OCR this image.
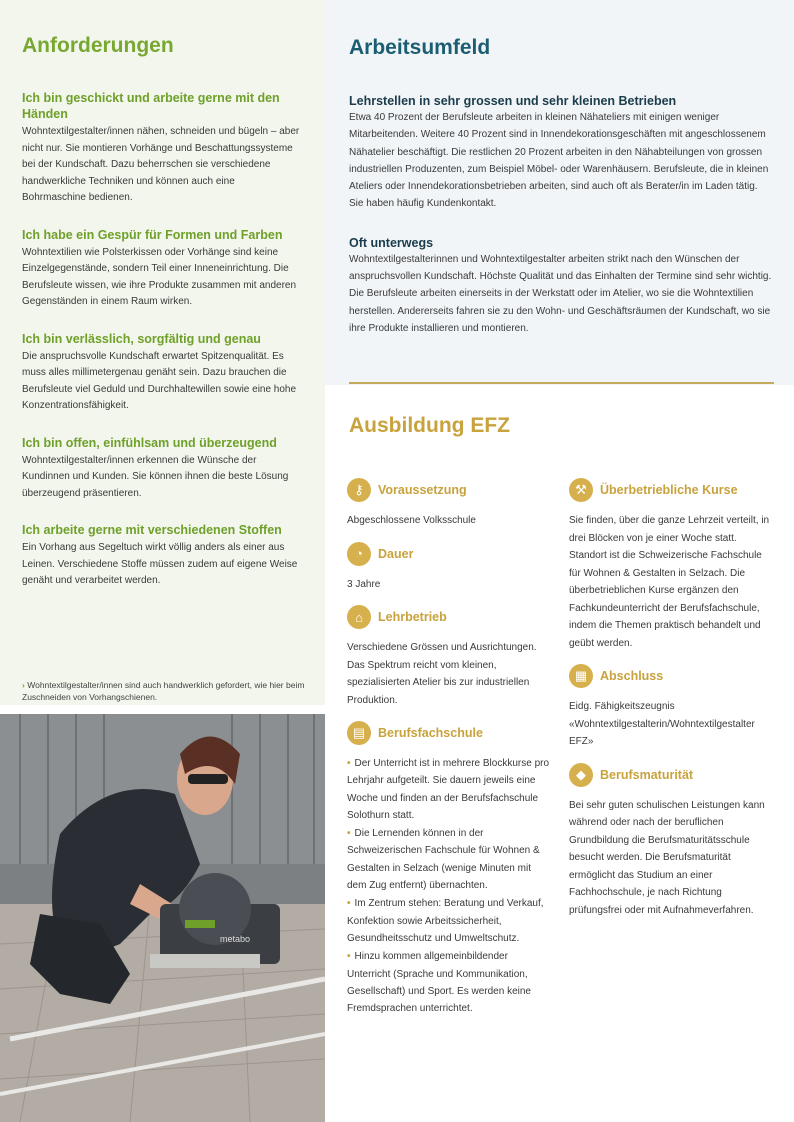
Anforderungen
Ich bin geschickt und arbeite gerne mit den Händen

Wohntextilgestalter/innen nähen, schneiden und bügeln – aber nicht nur. Sie montieren Vorhänge und Beschattungssysteme bei der Kundschaft. Dazu beherrschen sie verschiedene handwerkliche Techniken und können auch eine Bohrmaschine bedienen.

Ich habe ein Gespür für Formen und Farben

Wohntextilien wie Polsterkissen oder Vorhänge sind keine Einzelgegenstände, sondern Teil einer Inneneinrichtung. Die Berufsleute wissen, wie ihre Produkte zusammen mit anderen Gegenständen in einem Raum wirken.

Ich bin verlässlich, sorgfältig und genau

Die anspruchsvolle Kundschaft erwartet Spitzenqualität. Es muss alles millimetergenau genäht sein. Dazu brauchen die Berufsleute viel Geduld und Durchhaltewillen sowie eine hohe Konzentrationsfähigkeit.

Ich bin offen, einfühlsam und überzeugend

Wohntextilgestalter/innen erkennen die Wünsche der Kundinnen und Kunden. Sie können ihnen die beste Lösung überzeugend präsentieren.

Ich arbeite gerne mit verschiedenen Stoffen

Ein Vorhang aus Segeltuch wirkt völlig anders als einer aus Leinen. Verschiedene Stoffe müssen zudem auf eigene Weise genäht und verarbeitet werden.

› Wohntextilgestalter/innen sind auch handwerklich gefordert, wie hier beim Zuschneiden von Vorhangschienen.
metabo
Arbeitsumfeld
Lehrstellen in sehr grossen und sehr kleinen Betrieben

Etwa 40 Prozent der Berufsleute arbeiten in kleinen Nähateliers mit einigen weniger Mitarbeitenden. Weitere 40 Prozent sind in Innendekorationsgeschäften mit angeschlossenem Nähatelier beschäftigt. Die restlichen 20 Prozent arbeiten in den Nähabteilungen von grossen industriellen Produzenten, zum Beispiel Möbel- oder Warenhäusern. Berufsleute, die in kleinen Ateliers oder Innendekorationsbetrieben arbeiten, sind auch oft als Berater/in im Laden tätig. Sie haben häufig Kundenkontakt.

Oft unterwegs

Wohntextilgestalterinnen und Wohntextilgestalter arbeiten strikt nach den Wünschen der anspruchsvollen Kundschaft. Höchste Qualität und das Einhalten der Termine sind sehr wichtig. Die Berufsleute arbeiten einerseits in der Werkstatt oder im Atelier, wo sie die Wohntextilien herstellen. Andererseits fahren sie zu den Wohn- und Geschäftsräumen der Kundschaft, wo sie ihre Produkte installieren und montieren.

Ausbildung EFZ
⚷	Voraussetzung

Abgeschlossene Volksschule

◔	Dauer

3 Jahre

⌂	Lehrbetrieb

Verschiedene Grössen und Ausrichtungen. Das Spektrum reicht vom kleinen, spezialisierten Atelier bis zur industriellen Produktion.

▤	Berufsfachschule
• Der Unterricht ist in mehrere Blockkurse pro Lehrjahr aufgeteilt. Sie dauern jeweils eine Woche und finden an der Berufsfachschule Solothurn statt.
• Die Lernenden können in der Schweizerischen Fachschule für Wohnen & Gestalten in Selzach (wenige Minuten mit dem Zug entfernt) übernachten.
• Im Zentrum stehen: Beratung und Verkauf, Konfektion sowie Arbeitssicherheit, Gesundheitsschutz und Umweltschutz.
• Hinzu kommen allgemeinbildender Unterricht (Sprache und Kommunikation, Gesellschaft) und Sport. Es werden keine Fremdsprachen unterrichtet.
⚒	Überbetriebliche Kurse

Sie finden, über die ganze Lehrzeit verteilt, in drei Blöcken von je einer Woche statt. Standort ist die Schweizerische Fachschule für Wohnen & Gestalten in Selzach. Die überbetrieblichen Kurse ergänzen den Fachkundeunterricht der Berufsfachschule, indem die Themen praktisch behandelt und geübt werden.

▦	Abschluss

Eidg. Fähigkeitszeugnis «Wohntextilgestalterin/Wohntextilgestalter EFZ»

◆	Berufsmaturität

Bei sehr guten schulischen Leistungen kann während oder nach der beruflichen Grundbildung die Berufsmaturitätsschule besucht werden. Die Berufsmaturität ermöglicht das Studium an einer Fachhochschule, je nach Richtung prüfungsfrei oder mit Aufnahmeverfahren.
